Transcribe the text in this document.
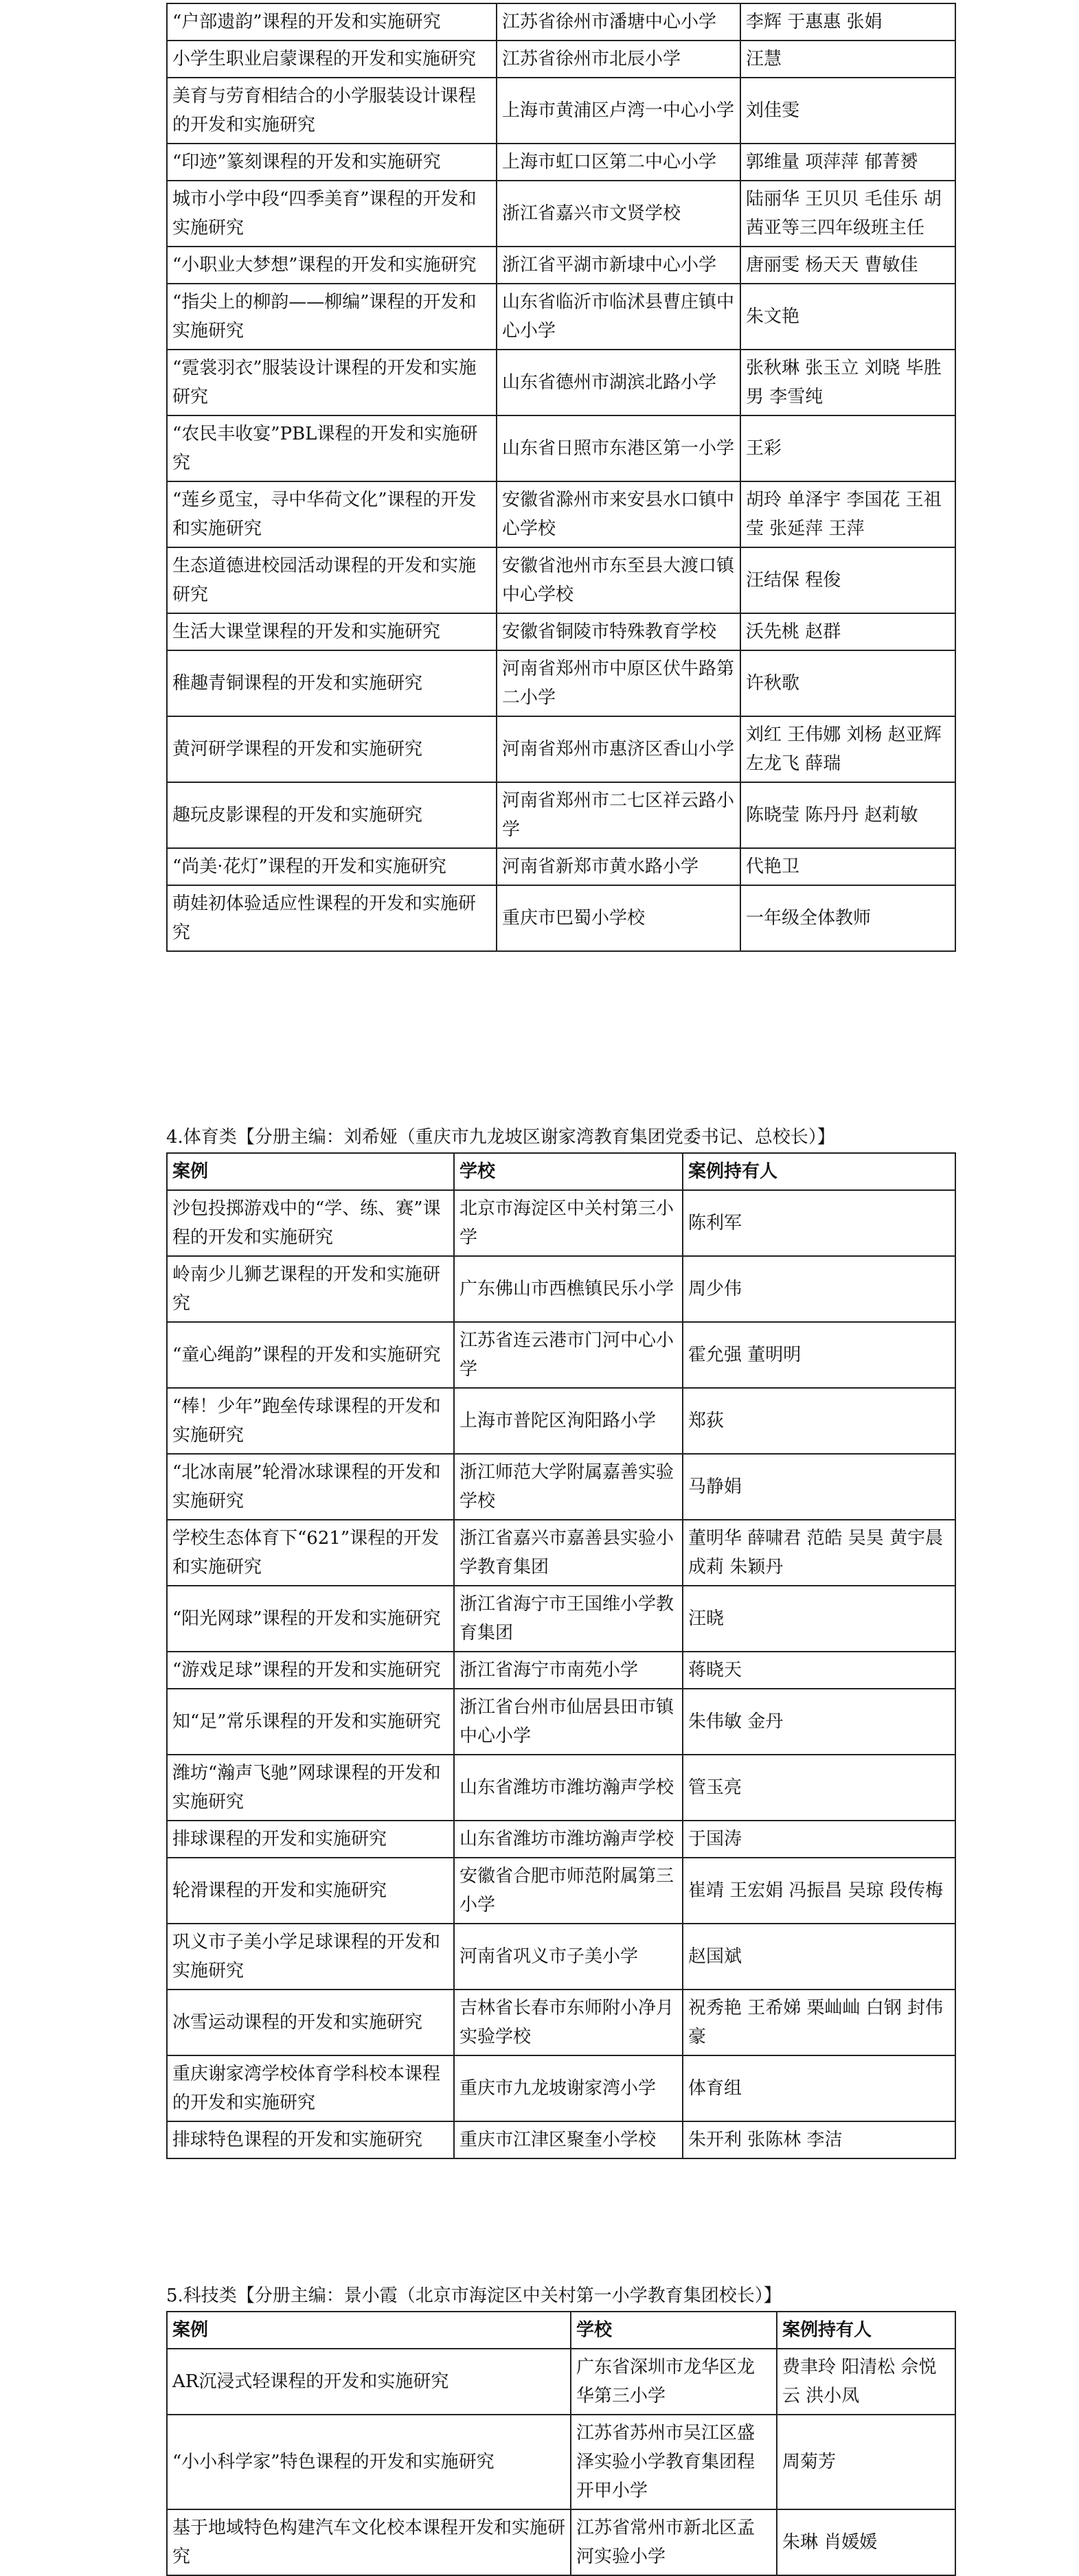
“户部遗韵”课程的开发和实施研究	江苏省徐州市潘塘中心小学	李辉 于惠惠 张娟
小学生职业启蒙课程的开发和实施研究	江苏省徐州市北辰小学	汪慧
美育与劳育相结合的小学服装设计课程的开发和实施研究	上海市黄浦区卢湾一中心小学	刘佳雯
“印迹”篆刻课程的开发和实施研究	上海市虹口区第二中心小学	郭维量 项萍萍 郁菁赟
城市小学中段“四季美育”课程的开发和实施研究	浙江省嘉兴市文贤学校	陆丽华 王贝贝 毛佳乐 胡茜亚等三四年级班主任
“小职业大梦想”课程的开发和实施研究	浙江省平湖市新埭中心小学	唐丽雯 杨天天 曹敏佳
“指尖上的柳韵——柳编”课程的开发和实施研究	山东省临沂市临沭县曹庄镇中心小学	朱文艳
“霓裳羽衣”服装设计课程的开发和实施研究	山东省德州市湖滨北路小学	张秋琳 张玉立 刘晓 毕胜男 李雪纯
“农民丰收宴”PBL课程的开发和实施研究	山东省日照市东港区第一小学	王彩
“莲乡觅宝，寻中华荷文化”课程的开发和实施研究	安徽省滁州市来安县水口镇中心学校	胡玲 单泽宇 李国花 王祖莹 张延萍 王萍
生态道德进校园活动课程的开发和实施研究	安徽省池州市东至县大渡口镇中心学校	汪结保 程俊
生活大课堂课程的开发和实施研究	安徽省铜陵市特殊教育学校	沃先桃 赵群
稚趣青铜课程的开发和实施研究	河南省郑州市中原区伏牛路第二小学	许秋歌
黄河研学课程的开发和实施研究	河南省郑州市惠济区香山小学	刘红 王伟娜 刘杨 赵亚辉 左龙飞 薛瑞
趣玩皮影课程的开发和实施研究	河南省郑州市二七区祥云路小学	陈晓莹 陈丹丹 赵莉敏
“尚美·花灯”课程的开发和实施研究	河南省新郑市黄水路小学	代艳卫
萌娃初体验适应性课程的开发和实施研究	重庆市巴蜀小学校	一年级全体教师
4.体育类【分册主编：刘希娅（重庆市九龙坡区谢家湾教育集团党委书记、总校长）】
案例	学校	案例持有人
沙包投掷游戏中的“学、练、赛”课程的开发和实施研究	北京市海淀区中关村第三小学	陈利军
岭南少儿狮艺课程的开发和实施研究	广东佛山市西樵镇民乐小学	周少伟
“童心绳韵”课程的开发和实施研究	江苏省连云港市门河中心小学	霍允强 董明明
“棒！少年”跑垒传球课程的开发和实施研究	上海市普陀区洵阳路小学	郑荻
“北冰南展”轮滑冰球课程的开发和实施研究	浙江师范大学附属嘉善实验学校	马静娟
学校生态体育下“621”课程的开发和实施研究	浙江省嘉兴市嘉善县实验小学教育集团	董明华 薛啸君 范皓 吴昊 黄宇晨 成莉 朱颖丹
“阳光网球”课程的开发和实施研究	浙江省海宁市王国维小学教育集团	汪晓
“游戏足球”课程的开发和实施研究	浙江省海宁市南苑小学	蒋晓天
知“足”常乐课程的开发和实施研究	浙江省台州市仙居县田市镇中心小学	朱伟敏 金丹
潍坊“瀚声飞驰”网球课程的开发和实施研究	山东省潍坊市潍坊瀚声学校	管玉亮
排球课程的开发和实施研究	山东省潍坊市潍坊瀚声学校	于国涛
轮滑课程的开发和实施研究	安徽省合肥市师范附属第三小学	崔靖 王宏娟 冯振昌 吴琼 段传梅
巩义市子美小学足球课程的开发和实施研究	河南省巩义市子美小学	赵国斌
冰雪运动课程的开发和实施研究	吉林省长春市东师附小净月实验学校	祝秀艳 王希娣 栗屾屾 白钢 封伟豪
重庆谢家湾学校体育学科校本课程的开发和实施研究	重庆市九龙坡谢家湾小学	体育组
排球特色课程的开发和实施研究	重庆市江津区聚奎小学校	朱开利 张陈林 李洁
5.科技类【分册主编：景小霞（北京市海淀区中关村第一小学教育集团校长）】
案例	学校	案例持有人
AR沉浸式轻课程的开发和实施研究	广东省深圳市龙华区龙华第三小学	费聿玲 阳清松 佘悦云 洪小凤
“小小科学家”特色课程的开发和实施研究	江苏省苏州市吴江区盛泽实验小学教育集团程开甲小学	周菊芳
基于地域特色构建汽车文化校本课程开发和实施研究	江苏省常州市新北区孟河实验小学	朱琳 肖媛媛
